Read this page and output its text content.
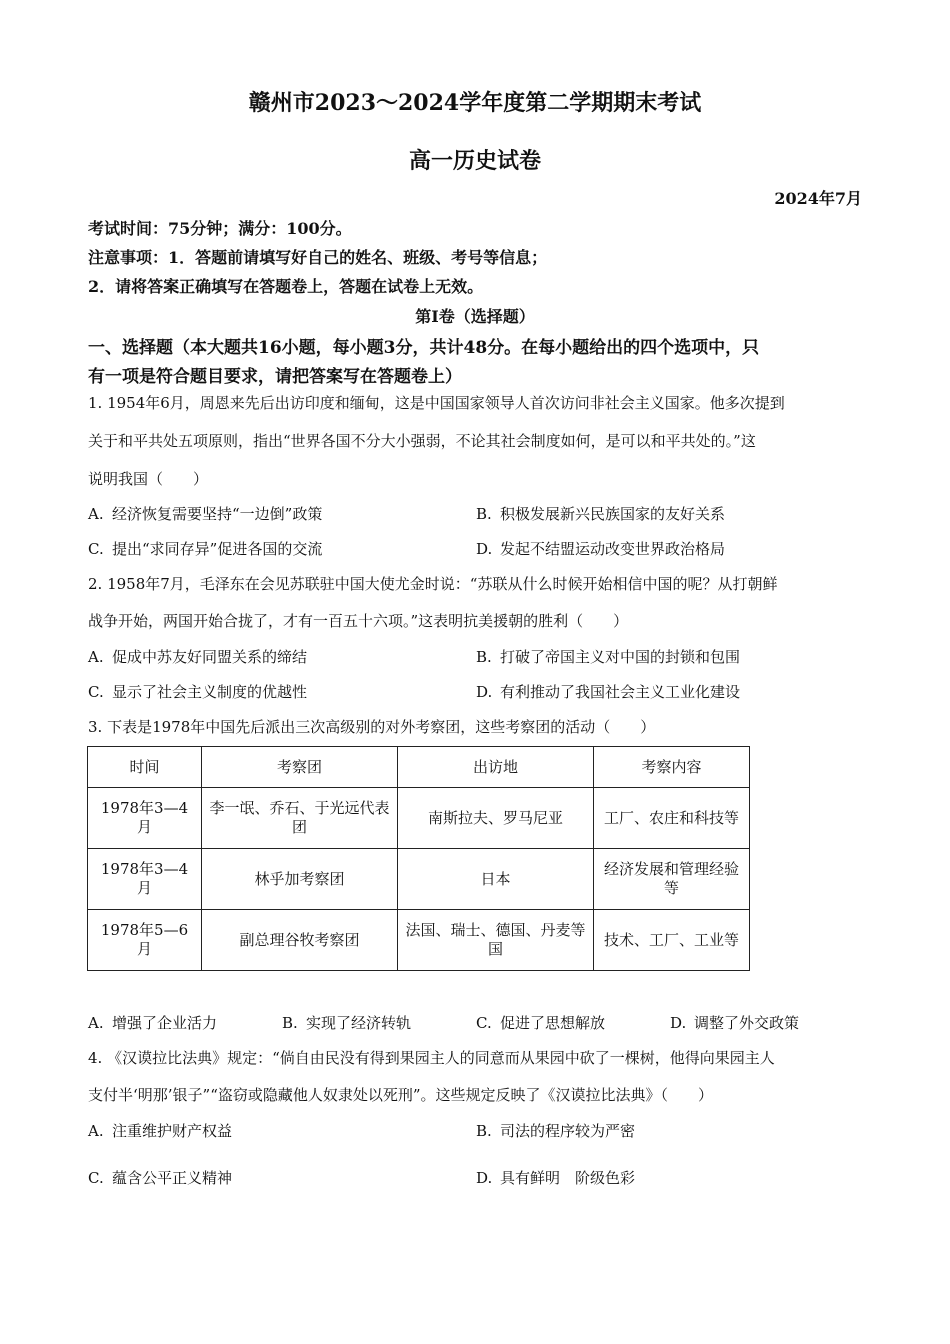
赣州市2023～2024学年度第二学期期末考试
高一历史试卷
2024年7月
考试时间：75分钟；满分：100分。
注意事项：1．答题前请填写好自己的姓名、班级、考号等信息；
2．请将答案正确填写在答题卷上，答题在试卷上无效。
第Ⅰ卷（选择题）
一、选择题（本大题共16小题，每小题3分，共计48分。在每小题给出的四个选项中，只
有一项是符合题目要求，请把答案写在答题卷上）
1. 1954年6月，周恩来先后出访印度和缅甸，这是中国国家领导人首次访问非社会主义国家。他多次提到
关于和平共处五项原则，指出“世界各国不分大小强弱，不论其社会制度如何，是可以和平共处的。”这
说明我国（　　）
A. 经济恢复需要坚持“一边倒”政策	B. 积极发展新兴民族国家的友好关系
C. 提出“求同存异”促进各国的交流	D. 发起不结盟运动改变世界政治格局
2. 1958年7月，毛泽东在会见苏联驻中国大使尤金时说：“苏联从什么时候开始相信中国的呢？从打朝鲜
战争开始，两国开始合拢了，才有一百五十六项。”这表明抗美援朝的胜利（　　）
A. 促成中苏友好同盟关系的缔结	B. 打破了帝国主义对中国的封锁和包围
C. 显示了社会主义制度的优越性	D. 有利推动了我国社会主义工业化建设
3. 下表是1978年中国先后派出三次高级别的对外考察团，这些考察团的活动（　　）
时间	考察团	出访地	考察内容
1978年3—4月	李一氓、乔石、于光远代表团	南斯拉夫、罗马尼亚	工厂、农庄和科技等
1978年3—4月	林乎加考察团	日本	经济发展和管理经验等
1978年5—6月	副总理谷牧考察团	法国、瑞士、德国、丹麦等国	技术、工厂、工业等
A. 增强了企业活力	B. 实现了经济转轨	C. 促进了思想解放	D. 调整了外交政策
4. 《汉谟拉比法典》规定：“倘自由民没有得到果园主人的同意而从果园中砍了一棵树，他得向果园主人
支付半‘明那’银子”“盗窃或隐藏他人奴隶处以死刑”。这些规定反映了《汉谟拉比法典》（　　）
A. 注重维护财产权益	B. 司法的程序较为严密
C. 蕴含公平正义精神	D. 具有鲜明　阶级色彩
